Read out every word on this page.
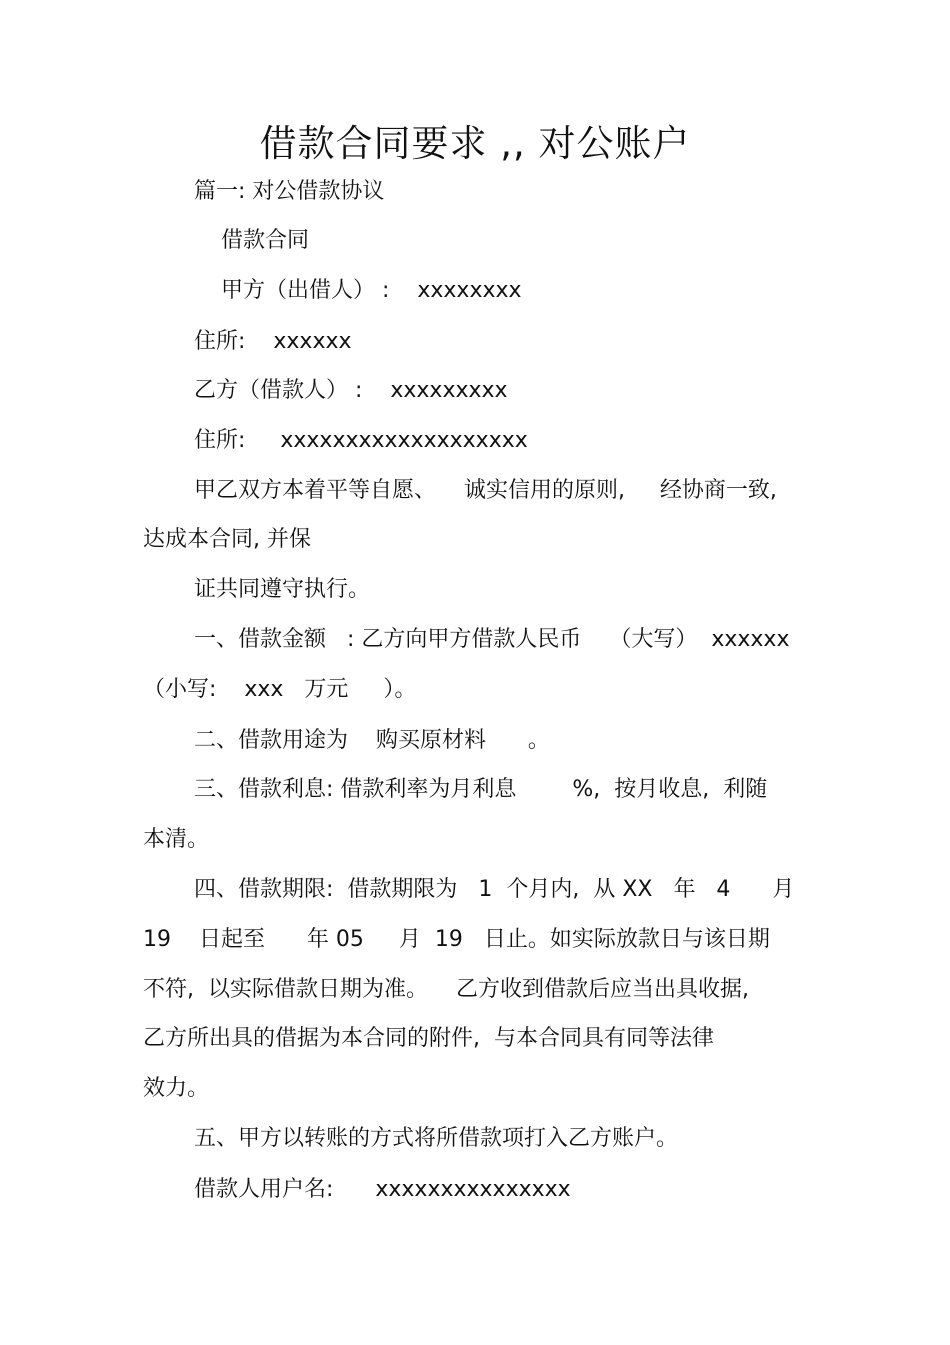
借款合同要求 ,, 对公账户
篇一: 对公借款协议
借款合同
甲方（出借人） :    xxxxxxxx
住所:    xxxxxx
乙方（借款人） :    xxxxxxxxx
住所:     xxxxxxxxxxxxxxxxxxx
甲乙双方本着平等自愿、    诚实信用的原则,     经协商一致,
达成本合同, 并保
证共同遵守执行。
一、借款金额   : 乙方向甲方借款人民币    （大写）  xxxxxx
（小写:    xxx   万元     ）。
二、借款用途为    购买原材料      。
三、借款利息: 借款利率为月利息        %,  按月收息,  利随
本清。
四、借款期限:  借款期限为   1  个月内,  从 XX   年   4      月
19    日起至      年 05     月  19   日止。如实际放款日与该日期
不符,  以实际借款日期为准。    乙方收到借款后应当出具收据,
乙方所出具的借据为本合同的附件,  与本合同具有同等法律
效力。
五、甲方以转账的方式将所借款项打入乙方账户。
借款人用户名:      xxxxxxxxxxxxxxx
